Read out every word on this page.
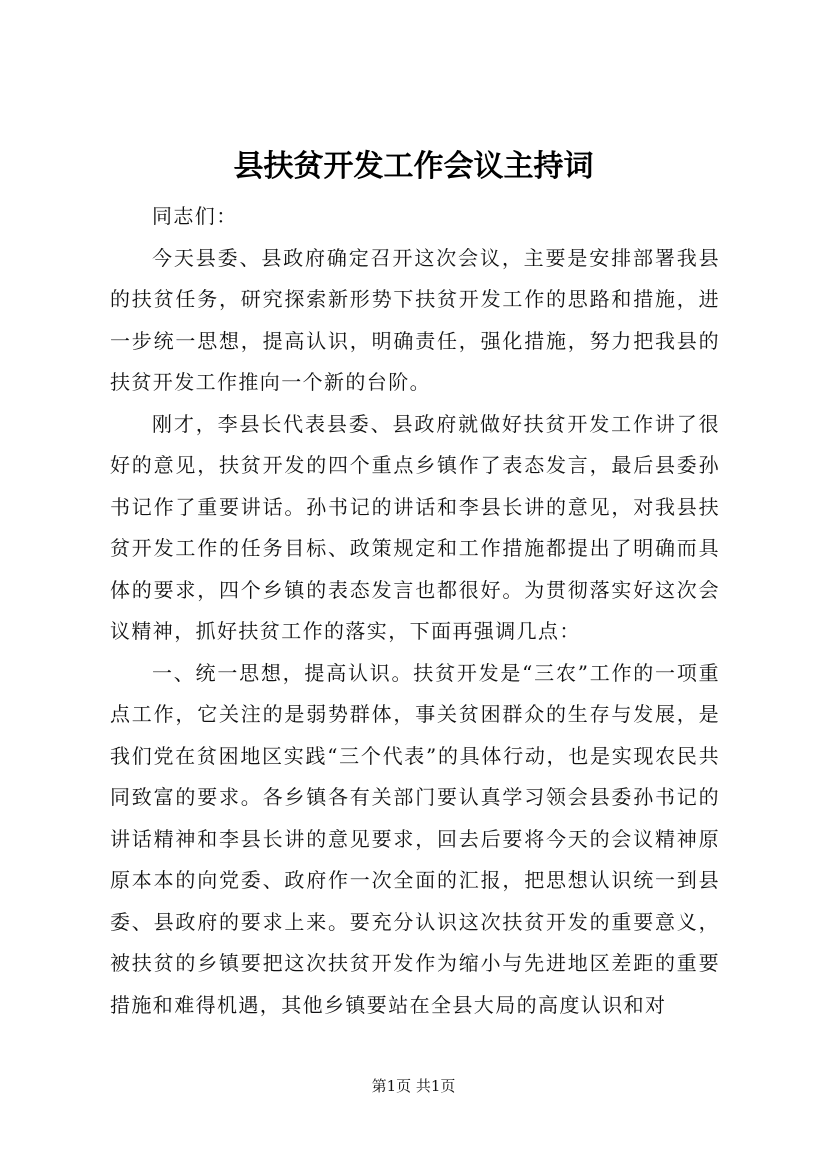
县扶贫开发工作会议主持词

同志们：

今天县委、县政府确定召开这次会议，主要是安排部署我县的扶贫任务，研究探索新形势下扶贫开发工作的思路和措施，进一步统一思想，提高认识，明确责任，强化措施，努力把我县的扶贫开发工作推向一个新的台阶。

刚才，李县长代表县委、县政府就做好扶贫开发工作讲了很好的意见，扶贫开发的四个重点乡镇作了表态发言，最后县委孙书记作了重要讲话。孙书记的讲话和李县长讲的意见，对我县扶贫开发工作的任务目标、政策规定和工作措施都提出了明确而具体的要求，四个乡镇的表态发言也都很好。为贯彻落实好这次会议精神，抓好扶贫工作的落实，下面再强调几点：

一、统一思想，提高认识。扶贫开发是“三农”工作的一项重点工作，它关注的是弱势群体，事关贫困群众的生存与发展，是我们党在贫困地区实践“三个代表”的具体行动，也是实现农民共同致富的要求。各乡镇各有关部门要认真学习领会县委孙书记的讲话精神和李县长讲的意见要求，回去后要将今天的会议精神原原本本的向党委、政府作一次全面的汇报，把思想认识统一到县委、县政府的要求上来。要充分认识这次扶贫开发的重要意义，被扶贫的乡镇要把这次扶贫开发作为缩小与先进地区差距的重要措施和难得机遇，其他乡镇要站在全县大局的高度认识和对

第1页 共1页
